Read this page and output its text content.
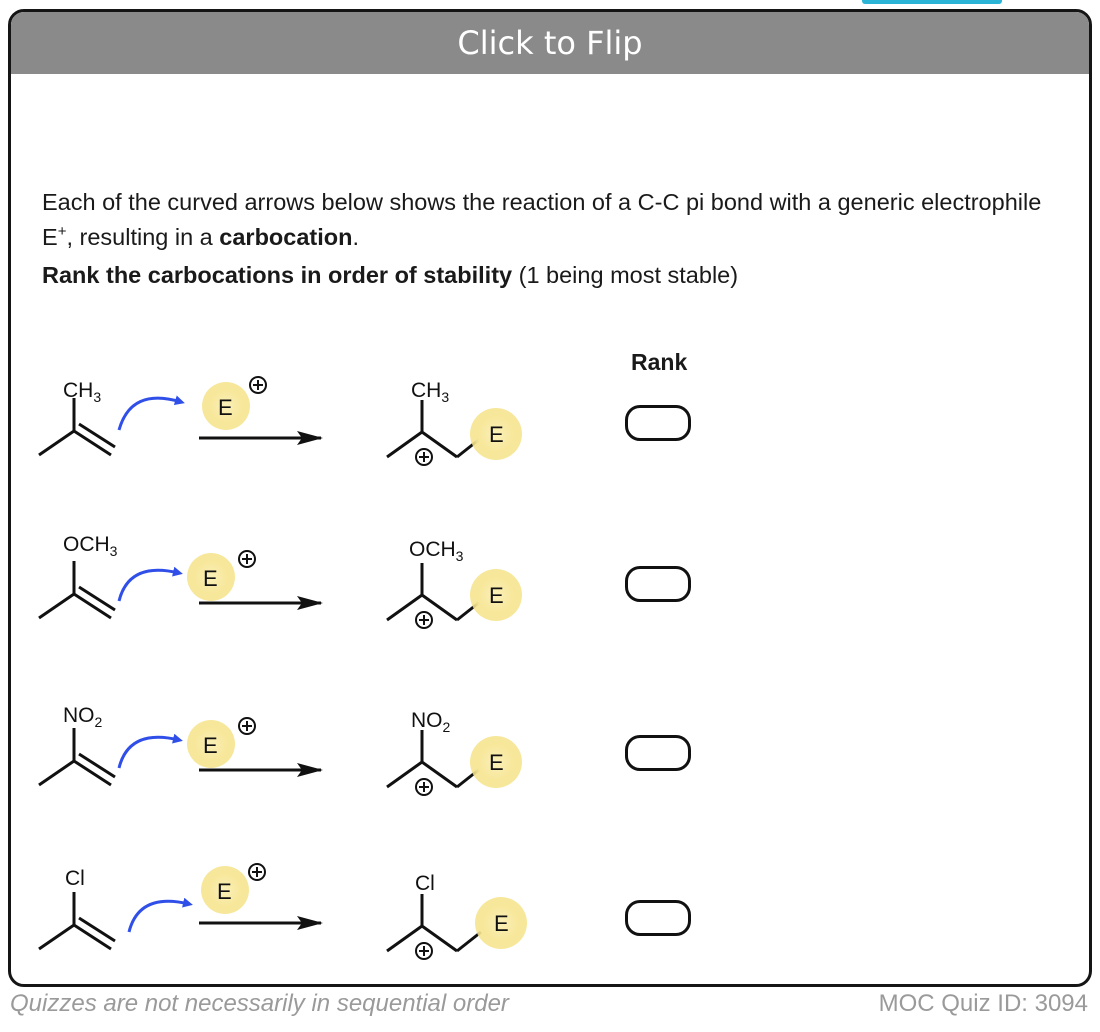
Click to Flip
Each of the curved arrows below shows the reaction of a C-C pi bond with a generic electrophile E+, resulting in a carbocation.
Rank the carbocations in order of stability (1 being most stable)
Rank
$CH_3$	E
$CH_3$
E
$OCH_3$
E
$OCH_3$
E
$NO_2$
E
$NO_2$
E
Cl
E	Cl
E
Quizzes are not necessarily in sequential order	MOC Quiz ID: 3094
